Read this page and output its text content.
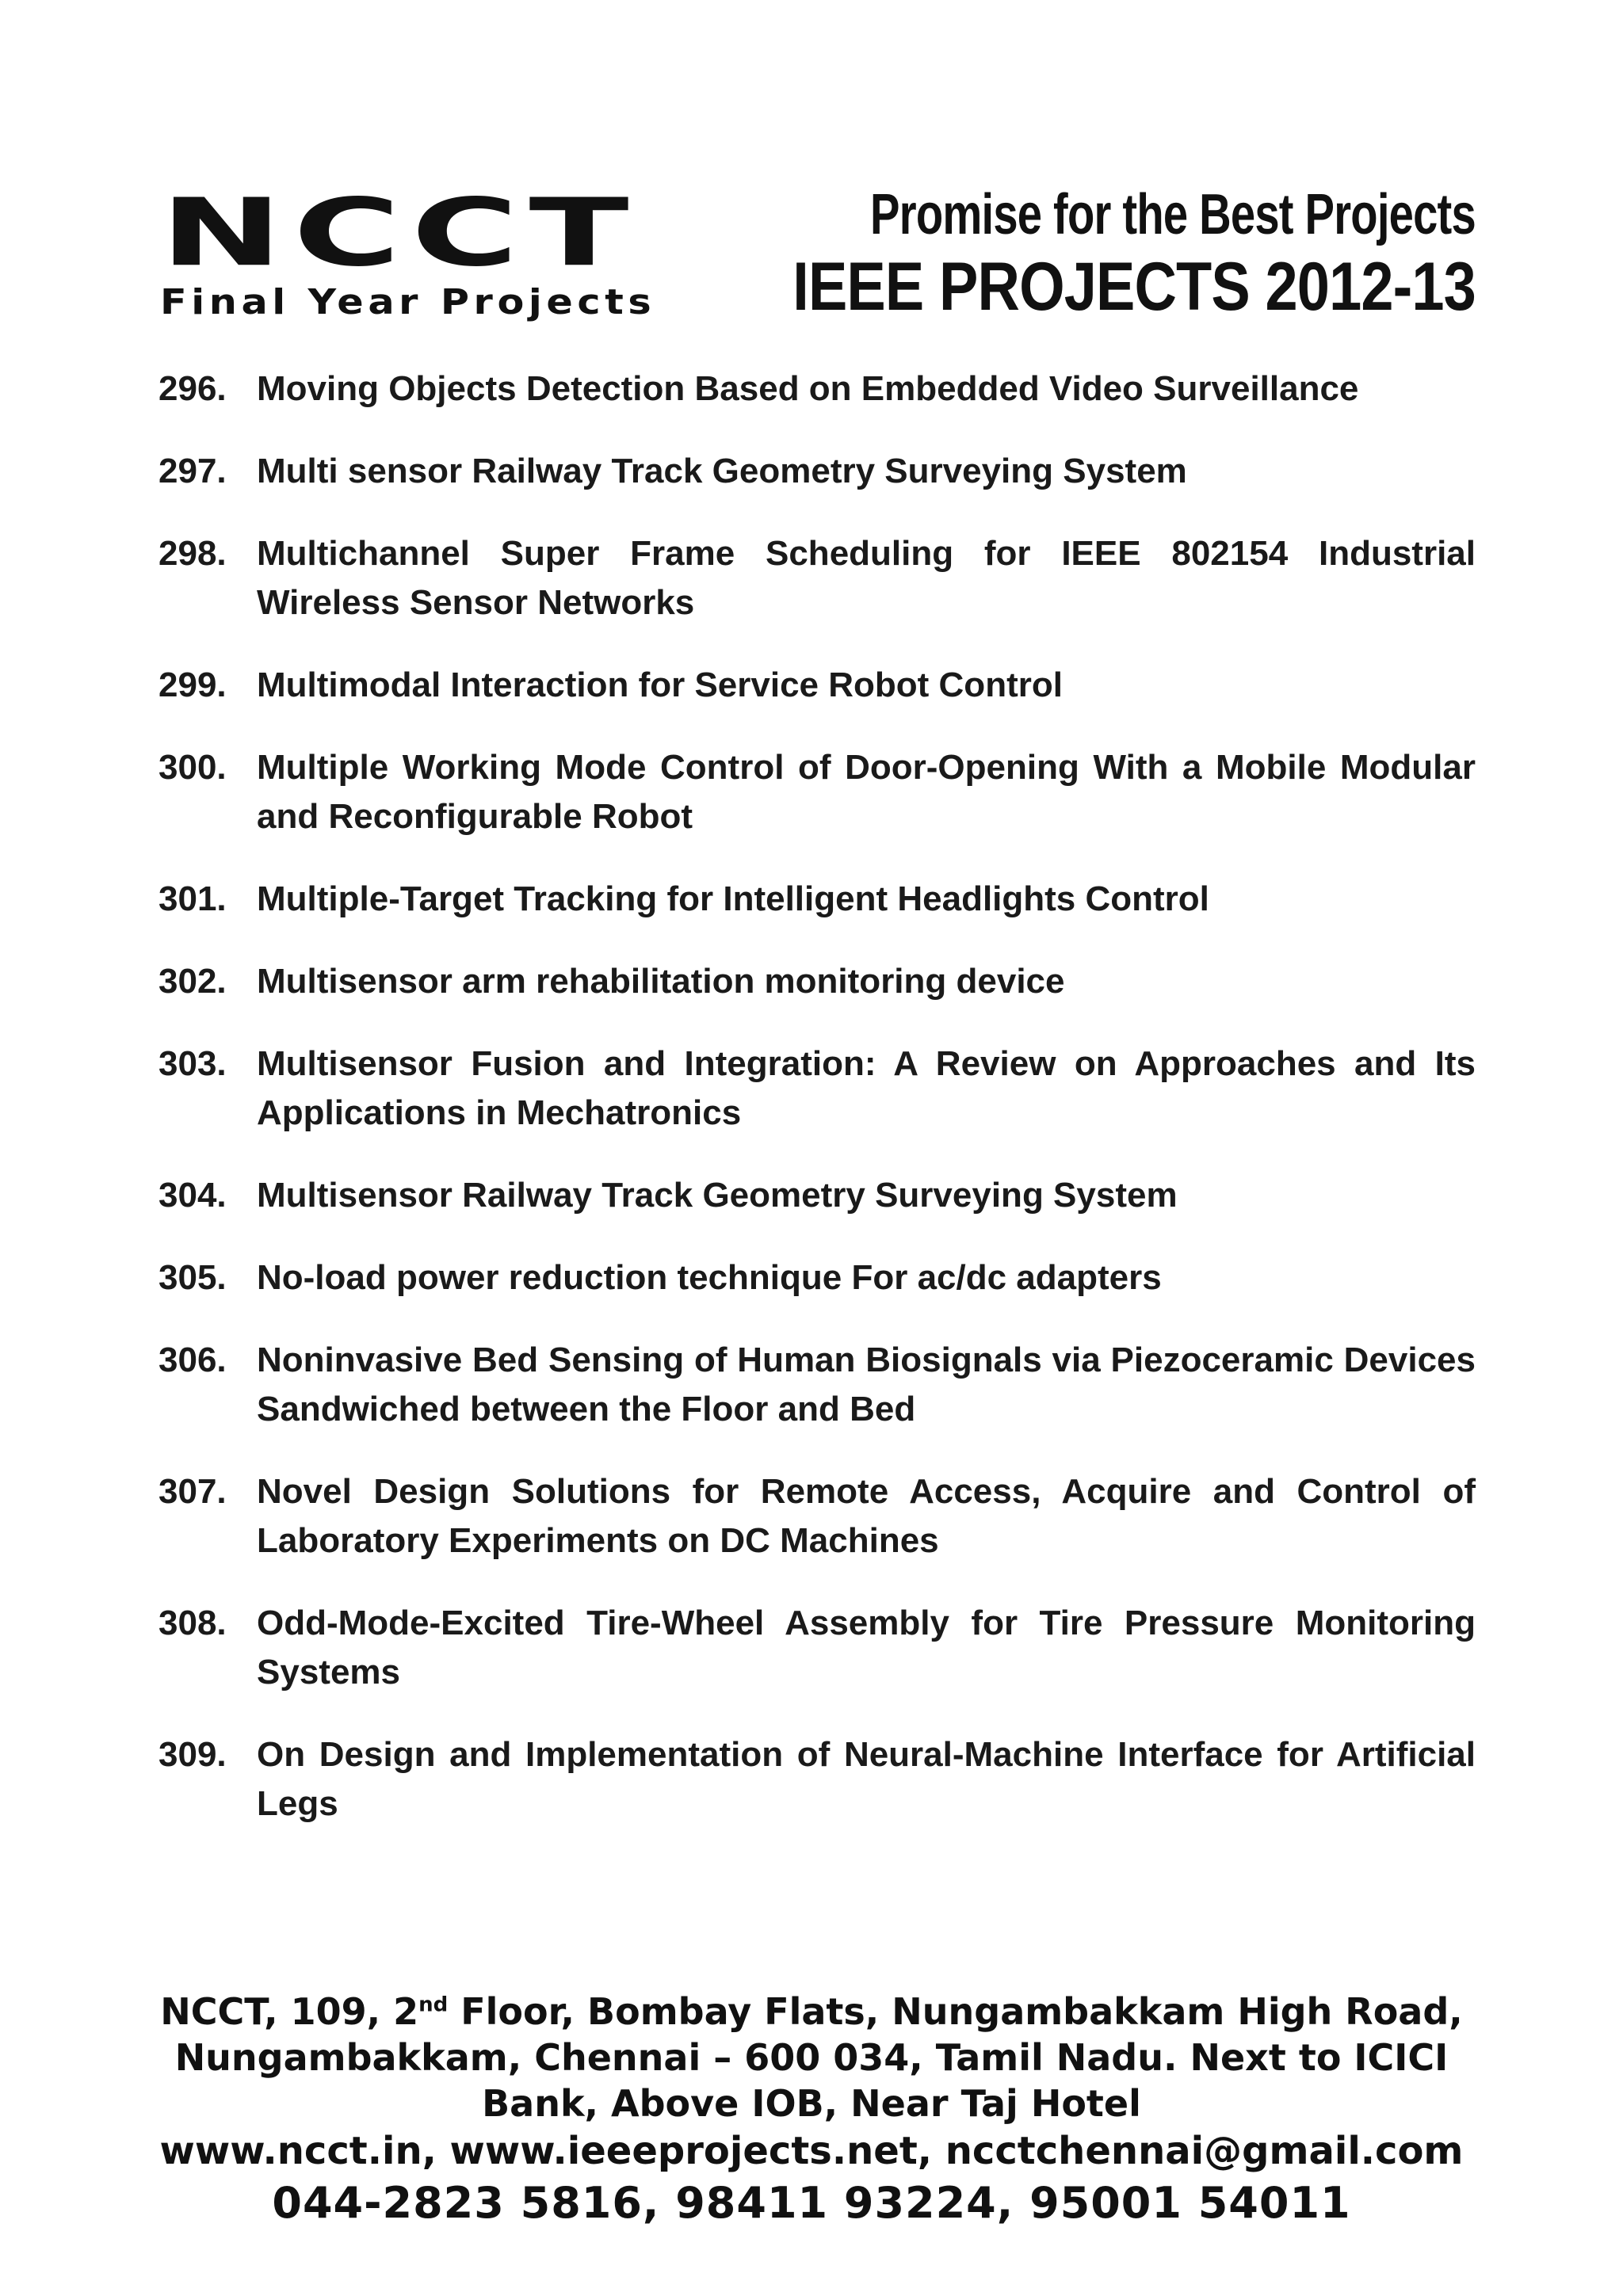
NCCT
Final Year Projects
Promise for the Best Projects
IEEE PROJECTS 2012-13
296. Moving Objects Detection Based on Embedded Video Surveillance
297. Multi sensor Railway Track Geometry Surveying System
298. Multichannel Super Frame Scheduling for IEEE 802154 Industrial Wireless Sensor Networks
299. Multimodal Interaction for Service Robot Control
300. Multiple Working Mode Control of Door-Opening With a Mobile Modular and Reconfigurable Robot
301. Multiple-Target Tracking for Intelligent Headlights Control
302. Multisensor arm rehabilitation monitoring device
303. Multisensor Fusion and Integration: A Review on Approaches and Its Applications in Mechatronics
304. Multisensor Railway Track Geometry Surveying System
305. No-load power reduction technique For ac/dc adapters
306. Noninvasive Bed Sensing of Human Biosignals via Piezoceramic Devices Sandwiched between the Floor and Bed
307. Novel Design Solutions for Remote Access, Acquire and Control of Laboratory Experiments on DC Machines
308. Odd-Mode-Excited Tire-Wheel Assembly for Tire Pressure Monitoring Systems
309. On Design and Implementation of Neural-Machine Interface for Artificial Legs
NCCT, 109, 2nd Floor, Bombay Flats, Nungambakkam High Road, Nungambakkam, Chennai – 600 034, Tamil Nadu. Next to ICICI Bank, Above IOB, Near Taj Hotel
www.ncct.in, www.ieeeprojects.net, ncctchennai@gmail.com
044-2823 5816, 98411 93224, 95001 54011
